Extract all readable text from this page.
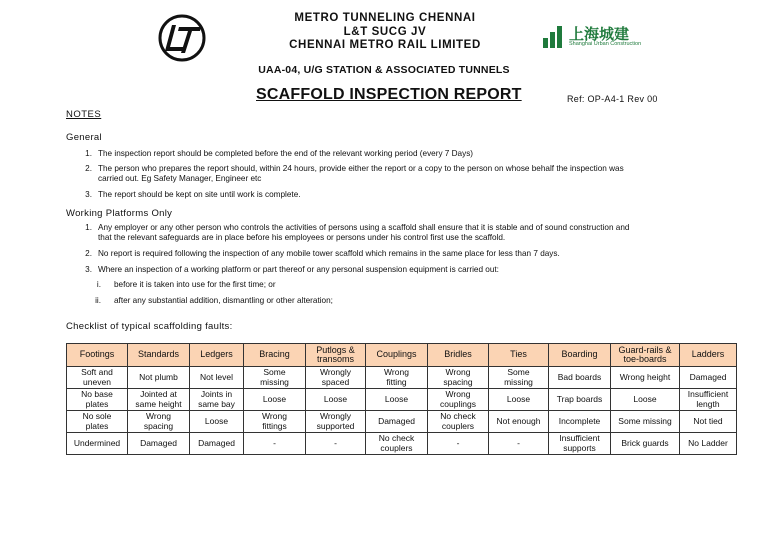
METRO TUNNELING CHENNAI
L&T SUCG JV
CHENNAI METRO RAIL LIMITED
上海城建
Shanghai Urban Construction
UAA-04, U/G STATION & ASSOCIATED TUNNELS
SCAFFOLD INSPECTION REPORT	Ref: OP-A4-1 Rev 00
NOTES
General
1. The inspection report should be completed before the end of the relevant working period (every 7 Days)
2. The person who prepares the report should, within 24 hours, provide either the report or a copy to the person on whose behalf the inspection was
carried out. Eg Safety Manager, Engineer etc
3. The report should be kept on site until work is complete.
Working Platforms Only
1. Any employer or any other person who controls the activities of persons using a scaffold shall ensure that it is stable and of sound construction and
that the relevant safeguards are in place before his employees or persons under his control first use the scaffold.
2. No report is required following the inspection of any mobile tower scaffold which remains in the same place for less than 7 days.
3. Where an inspection of a working platform or part thereof or any personal suspension equipment is carried out:
i. before it is taken into use for the first time; or
ii. after any substantial addition, dismantling or other alteration;
Checklist of typical scaffolding faults:
Footings	Standards	Ledgers	Bracing	Putlogs &
transoms	Couplings	Bridles	Ties	Boarding	Guard-rails &
toe-boards	Ladders
Soft and
uneven	Not plumb	Not level	Some
missing	Wrongly
spaced	Wrong
fitting	Wrong
spacing	Some
missing	Bad boards	Wrong height	Damaged
No base
plates	Jointed at
same height	Joints in
same bay	Loose	Loose	Loose	Wrong
couplings	Loose	Trap boards	Loose	Insufficient
length
No sole
plates	Wrong
spacing	Loose	Wrong
fittings	Wrongly
supported	Damaged	No check
couplers	Not enough	Incomplete	Some missing	Not tied
Undermined	Damaged	Damaged	-	-	No check
couplers	-	-	Insufficient
supports	Brick guards	No Ladder
